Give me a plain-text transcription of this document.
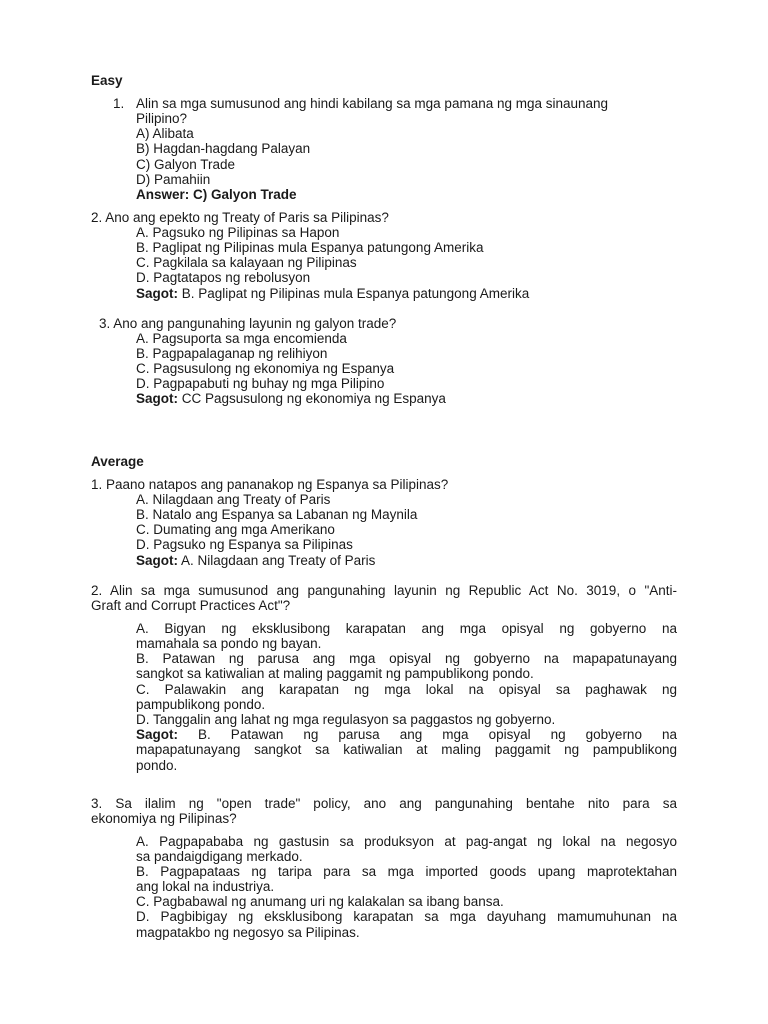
Easy
1. Alin sa mga sumusunod ang hindi kabilang sa mga pamana ng mga sinaunang
Pilipino?
A) Alibata
B) Hagdan-hagdang Palayan
C) Galyon Trade
D) Pamahiin
Answer: C) Galyon Trade
2. Ano ang epekto ng Treaty of Paris sa Pilipinas?
A. Pagsuko ng Pilipinas sa Hapon
B. Paglipat ng Pilipinas mula Espanya patungong Amerika
C. Pagkilala sa kalayaan ng Pilipinas
D. Pagtatapos ng rebolusyon
Sagot: B. Paglipat ng Pilipinas mula Espanya patungong Amerika
3. Ano ang pangunahing layunin ng galyon trade?
A. Pagsuporta sa mga encomienda
B. Pagpapalaganap ng relihiyon
C. Pagsusulong ng ekonomiya ng Espanya
D. Pagpapabuti ng buhay ng mga Pilipino
Sagot: CC Pagsusulong ng ekonomiya ng Espanya
Average
1. Paano natapos ang pananakop ng Espanya sa Pilipinas?
A. Nilagdaan ang Treaty of Paris
B. Natalo ang Espanya sa Labanan ng Maynila
C. Dumating ang mga Amerikano
D. Pagsuko ng Espanya sa Pilipinas
Sagot: A. Nilagdaan ang Treaty of Paris
2. Alin sa mga sumusunod ang pangunahing layunin ng Republic Act No. 3019, o "Anti-
Graft and Corrupt Practices Act"?
A. Bigyan ng eksklusibong karapatan ang mga opisyal ng gobyerno na
mamahala sa pondo ng bayan.
B. Patawan ng parusa ang mga opisyal ng gobyerno na mapapatunayang
sangkot sa katiwalian at maling paggamit ng pampublikong pondo.
C. Palawakin ang karapatan ng mga lokal na opisyal sa paghawak ng
pampublikong pondo.
D. Tanggalin ang lahat ng mga regulasyon sa paggastos ng gobyerno.
Sagot: B. Patawan ng parusa ang mga opisyal ng gobyerno na
mapapatunayang sangkot sa katiwalian at maling paggamit ng pampublikong
pondo.
3. Sa ilalim ng "open trade" policy, ano ang pangunahing bentahe nito para sa
ekonomiya ng Pilipinas?
A. Pagpapababa ng gastusin sa produksyon at pag-angat ng lokal na negosyo
sa pandaigdigang merkado.
B. Pagpapataas ng taripa para sa mga imported goods upang maprotektahan
ang lokal na industriya.
C. Pagbabawal ng anumang uri ng kalakalan sa ibang bansa.
D. Pagbibigay ng eksklusibong karapatan sa mga dayuhang mamumuhunan na
magpatakbo ng negosyo sa Pilipinas.
